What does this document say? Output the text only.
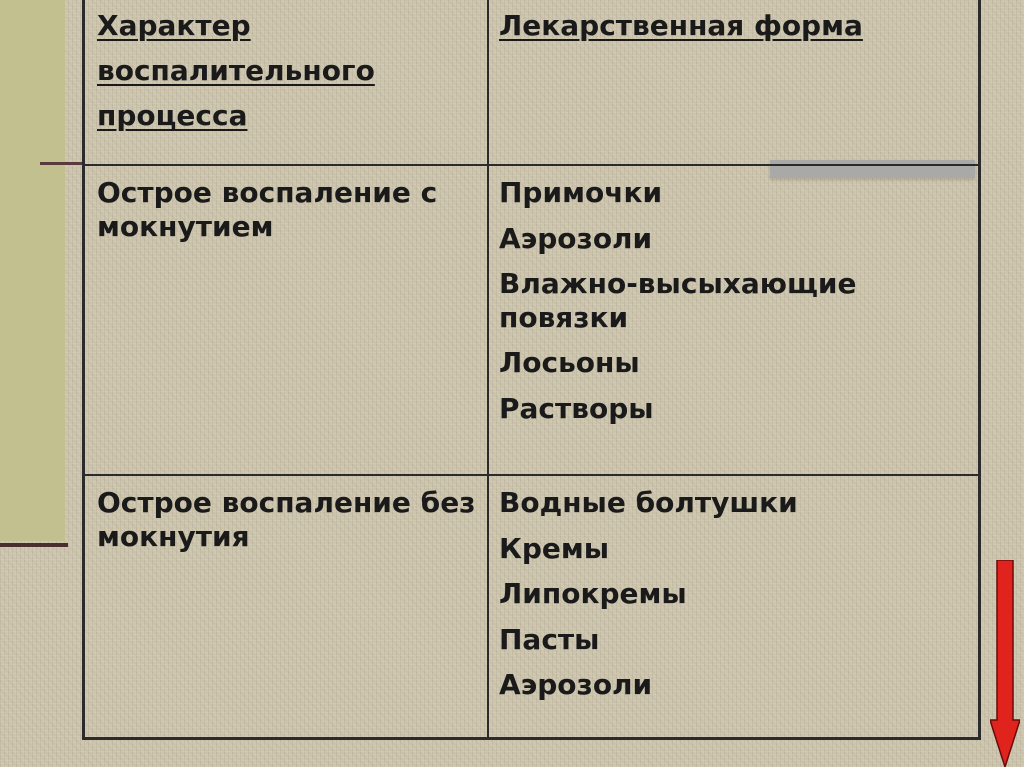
Характер
воспалительного
процесса
Лекарственная форма
Острое воспаление с мокнутием
Примочки
Аэрозоли
Влажно-высыхающие повязки
Лосьоны
Растворы
Острое воспаление без мокнутия
Водные болтушки
Кремы
Липокремы
Пасты
Аэрозоли
